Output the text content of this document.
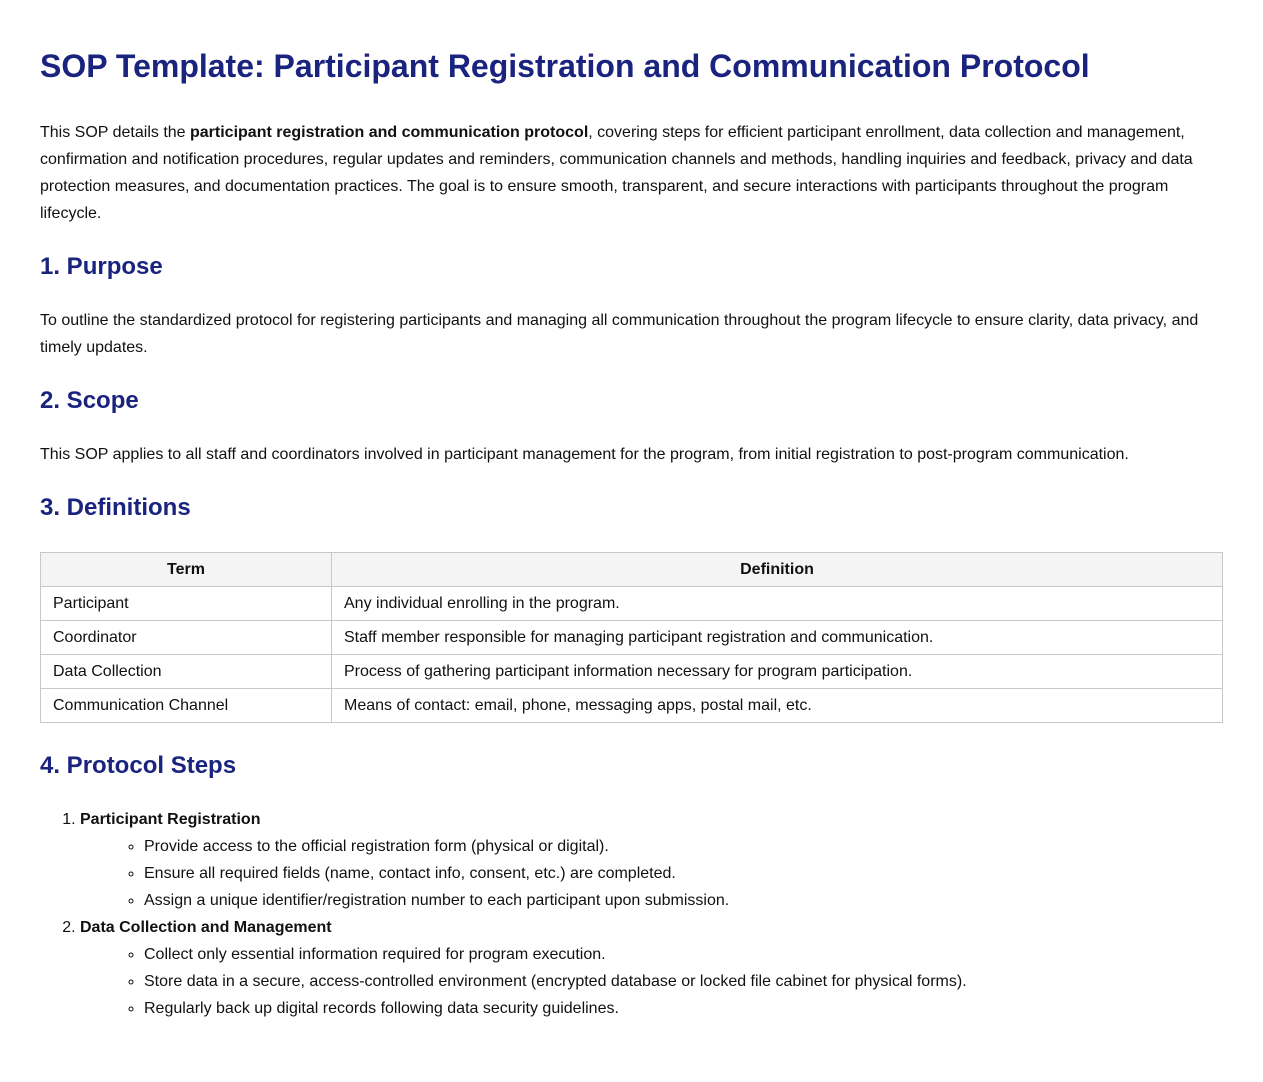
SOP Template: Participant Registration and Communication Protocol

This SOP details the participant registration and communication protocol, covering steps for efficient participant enrollment, data collection and management, confirmation and notification procedures, regular updates and reminders, communication channels and methods, handling inquiries and feedback, privacy and data protection measures, and documentation practices. The goal is to ensure smooth, transparent, and secure interactions with participants throughout the program lifecycle.

1. Purpose

To outline the standardized protocol for registering participants and managing all communication throughout the program lifecycle to ensure clarity, data privacy, and timely updates.

2. Scope

This SOP applies to all staff and coordinators involved in participant management for the program, from initial registration to post-program communication.

3. Definitions
Term	Definition
Participant	Any individual enrolling in the program.
Coordinator	Staff member responsible for managing participant registration and communication.
Data Collection	Process of gathering participant information necessary for program participation.
Communication Channel	Means of contact: email, phone, messaging apps, postal mail, etc.
4. Protocol Steps
1. Participant Registration
◦ Provide access to the official registration form (physical or digital).
◦ Ensure all required fields (name, contact info, consent, etc.) are completed.
◦ Assign a unique identifier/registration number to each participant upon submission.
2. Data Collection and Management
◦ Collect only essential information required for program execution.
◦ Store data in a secure, access-controlled environment (encrypted database or locked file cabinet for physical forms).
◦ Regularly back up digital records following data security guidelines.
